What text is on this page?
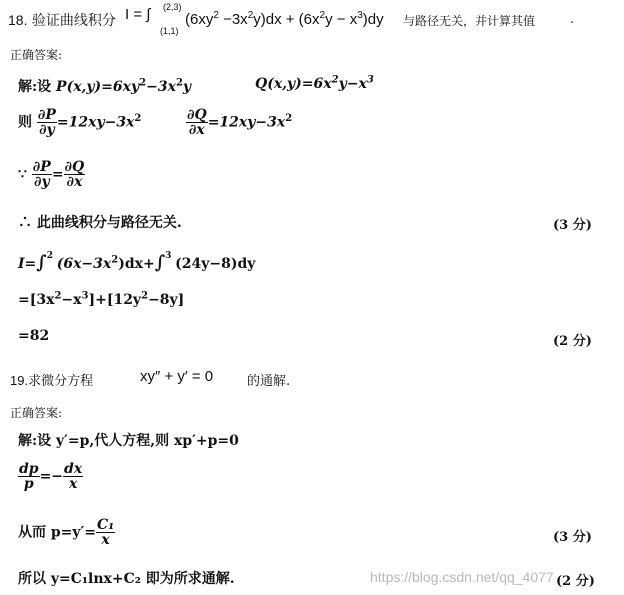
18. 验证曲线积分 I = ∫ (2,3)
(1,1)
$(6xy^2 -3x^2y)dx + (6x^2y - x^3)dy$ 与路径无关，并计算其值	.
正确答案:
解:设 $P(x,y)=6xy^2-3x^2y$	$Q(x,y)=6x^2y-x^3$
则 $\frac{\partial P}{\partial y} =12xy-3x^2$	$\frac{\partial Q}{\partial x} =12xy-3x^2$
∵ $\frac{\partial P}{\partial y} = \frac{\partial Q}{\partial x}$
∴ 此曲线积分与路径无关.	(3 分)
I=∫2 $(6x-3x^2)dx+\int 3$ (24y−8)dy
$=[3x^2-x^3]+[12y^2-8y]$
=82	(2 分)
19.求微分方程	xy″ + y′ = 0	的通解.
正确答案:
解:设 y′=p,代人方程,则 xp′+p=0
$\frac{dp}{p} =- \frac{dx}{x}$
从而 $p=y'= \frac{\text{C₁}}{x}$	(3 分)
所以 y=C₁lnx+C₂ 即为所求通解.	https://blog.csdn.net/qq_4077 (2 分)
